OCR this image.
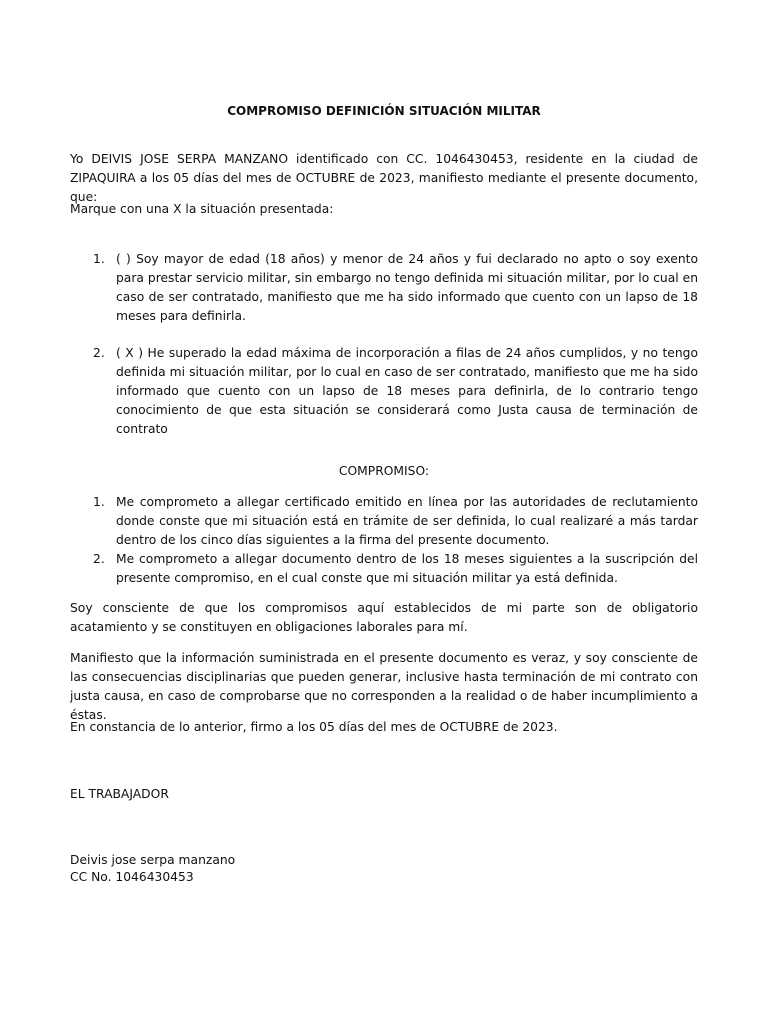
COMPROMISO DEFINICIÓN SITUACIÓN MILITAR

Yo DEIVIS JOSE SERPA MANZANO identificado con CC. 1046430453, residente en la ciudad de ZIPAQUIRA a los 05 días del mes de OCTUBRE de 2023, manifiesto mediante el presente documento, que:

Marque con una X la situación presentada:

1. ( ) Soy mayor de edad (18 años) y menor de 24 años y fui declarado no apto o soy exento para prestar servicio militar, sin embargo no tengo definida mi situación militar, por lo cual en caso de ser contratado, manifiesto que me ha sido informado que cuento con un lapso de 18 meses para definirla.
2. ( X ) He superado la edad máxima de incorporación a filas de 24 años cumplidos, y no tengo definida mi situación militar, por lo cual en caso de ser contratado, manifiesto que me ha sido informado que cuento con un lapso de 18 meses para definirla, de lo contrario tengo conocimiento de que esta situación se considerará como Justa causa de terminación de contrato
COMPROMISO:
1. Me comprometo a allegar certificado emitido en línea por las autoridades de reclutamiento donde conste que mi situación está en trámite de ser definida, lo cual realizaré a más tardar dentro de los cinco días siguientes a la firma del presente documento.
2. Me comprometo a allegar documento dentro de los 18 meses siguientes a la suscripción del presente compromiso, en el cual conste que mi situación militar ya está definida.

Soy consciente de que los compromisos aquí establecidos de mi parte son de obligatorio acatamiento y se constituyen en obligaciones laborales para mí.

Manifiesto que la información suministrada en el presente documento es veraz, y soy consciente de las consecuencias disciplinarias que pueden generar, inclusive hasta terminación de mi contrato con justa causa, en caso de comprobarse que no corresponden a la realidad o de haber incumplimiento a éstas.

En constancia de lo anterior, firmo a los 05 días del mes de OCTUBRE de 2023.

EL TRABAJADOR
Deivis jose serpa manzano
CC No. 1046430453
